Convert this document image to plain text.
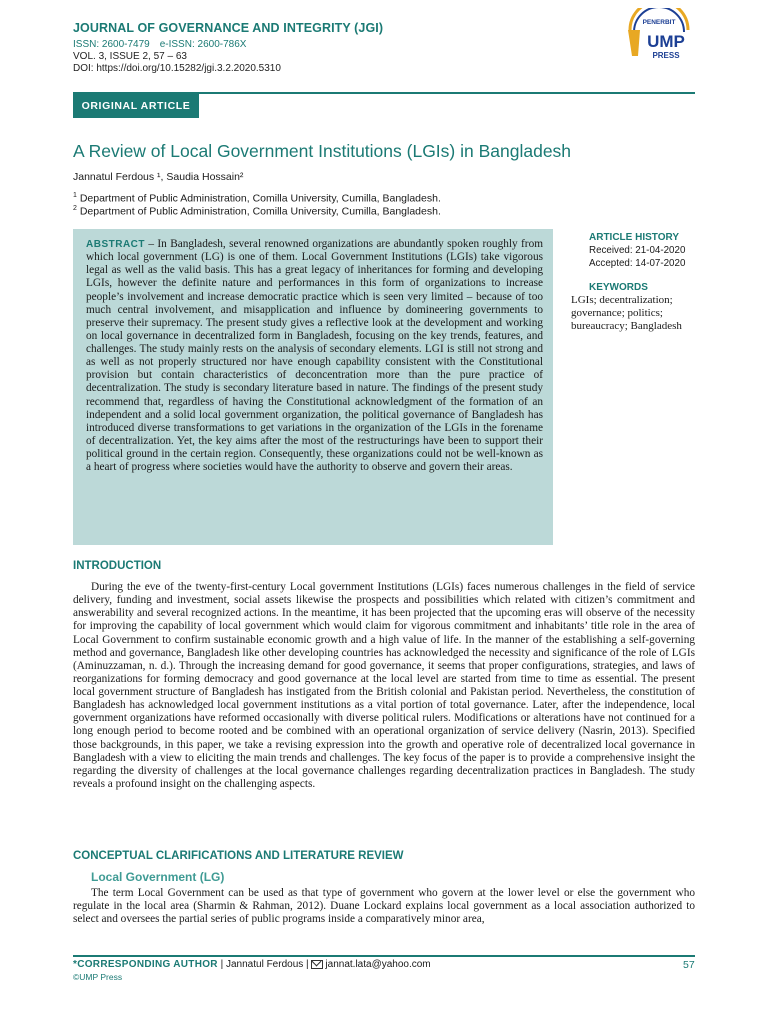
JOURNAL OF GOVERNANCE AND INTEGRITY (JGI)
ISSN: 2600-7479 e-ISSN: 2600-786X
VOL. 3, ISSUE 2, 57 – 63
DOI: https://doi.org/10.15282/jgi.3.2.2020.5310
PENERBIT
UMP
PRESS
ORIGINAL ARTICLE
A Review of Local Government Institutions (LGIs) in Bangladesh
Jannatul Ferdous ¹, Saudia Hossain²
$^1$ Department of Public Administration, Comilla University, Cumilla, Bangladesh.
$^2$ Department of Public Administration, Comilla University, Cumilla, Bangladesh.

ABSTRACT – In Bangladesh, several renowned organizations are abundantly spoken roughly from which local government (LG) is one of them. Local Government Institutions (LGIs) take vigorous legal as well as the valid basis. This has a great legacy of inheritances for forming and developing LGIs, however the definite nature and performances in this form of organizations to increase people’s involvement and increase democratic practice which is seen very limited – because of too much central involvement, and misapplication and influence by domineering governments to preserve their supremacy. The present study gives a reflective look at the development and working on local governance in decentralized form in Bangladesh, focusing on the key trends, features, and challenges. The study mainly rests on the analysis of secondary elements. LGI is still not strong and as well as not properly structured nor have enough capability consistent with the Constitutional provision but contain characteristics of deconcentration more than the pure practice of decentralization. The study is secondary literature based in nature. The findings of the present study recommend that, regardless of having the Constitutional acknowledgment of the formation of an independent and a solid local government organization, the political governance of Bangladesh has introduced diverse transformations to get variations in the organization of the LGIs in the forename of decentralization. Yet, the key aims after the most of the restructurings have been to support their political ground in the certain region. Consequently, these organizations could not be well-known as a heart of progress where societies would have the authority to observe and govern their areas.

ARTICLE HISTORY
Received: 21-04-2020
Accepted: 14-07-2020
KEYWORDS

LGIs; decentralization; governance; politics; bureaucracy; Bangladesh

INTRODUCTION

During the eve of the twenty-first-century Local government Institutions (LGIs) faces numerous challenges in the field of service delivery, funding and investment, social assets likewise the prospects and possibilities which related with citizen’s commitment and answerability and several recognized actions. In the meantime, it has been projected that the upcoming eras will observe of the necessity for improving the capability of local government which would claim for vigorous commitment and inhabitants’ title role in the area of Local Government to confirm sustainable economic growth and a high value of life. In the manner of the establishing a self-governing method and governance, Bangladesh like other developing countries has acknowledged the necessity and significance of the role of LGIs (Aminuzzaman, n. d.). Through the increasing demand for good governance, it seems that proper configurations, strategies, and laws of reorganizations for forming democracy and good governance at the local level are started from time to time as essential. The present local government structure of Bangladesh has instigated from the British colonial and Pakistan period. Nevertheless, the constitution of Bangladesh has acknowledged local government institutions as a vital portion of total governance. Later, after the independence, local government organizations have reformed occasionally with diverse political rulers. Modifications or alterations have not continued for a long enough period to become rooted and be combined with an operational organization of service delivery (Nasrin, 2013). Specified those backgrounds, in this paper, we take a revising expression into the growth and operative role of decentralized local governance in Bangladesh with a view to eliciting the main trends and challenges. The key focus of the paper is to provide a comprehensive insight the regarding the diversity of challenges at the local governance challenges regarding decentralization practices in Bangladesh. The study reveals a profound insight on the challenging aspects.

CONCEPTUAL CLARIFICATIONS AND LITERATURE REVIEW
Local Government (LG)

The term Local Government can be used as that type of government who govern at the lower level or else the government who regulate in the local area (Sharmin & Rahman, 2012). Duane Lockard explains local government as a local association authorized to select and oversees the partial series of public programs inside a comparatively minor area,

*CORRESPONDING AUTHOR | Jannatul Ferdous | jannat.lata@yahoo.com
©UMP Press
57
